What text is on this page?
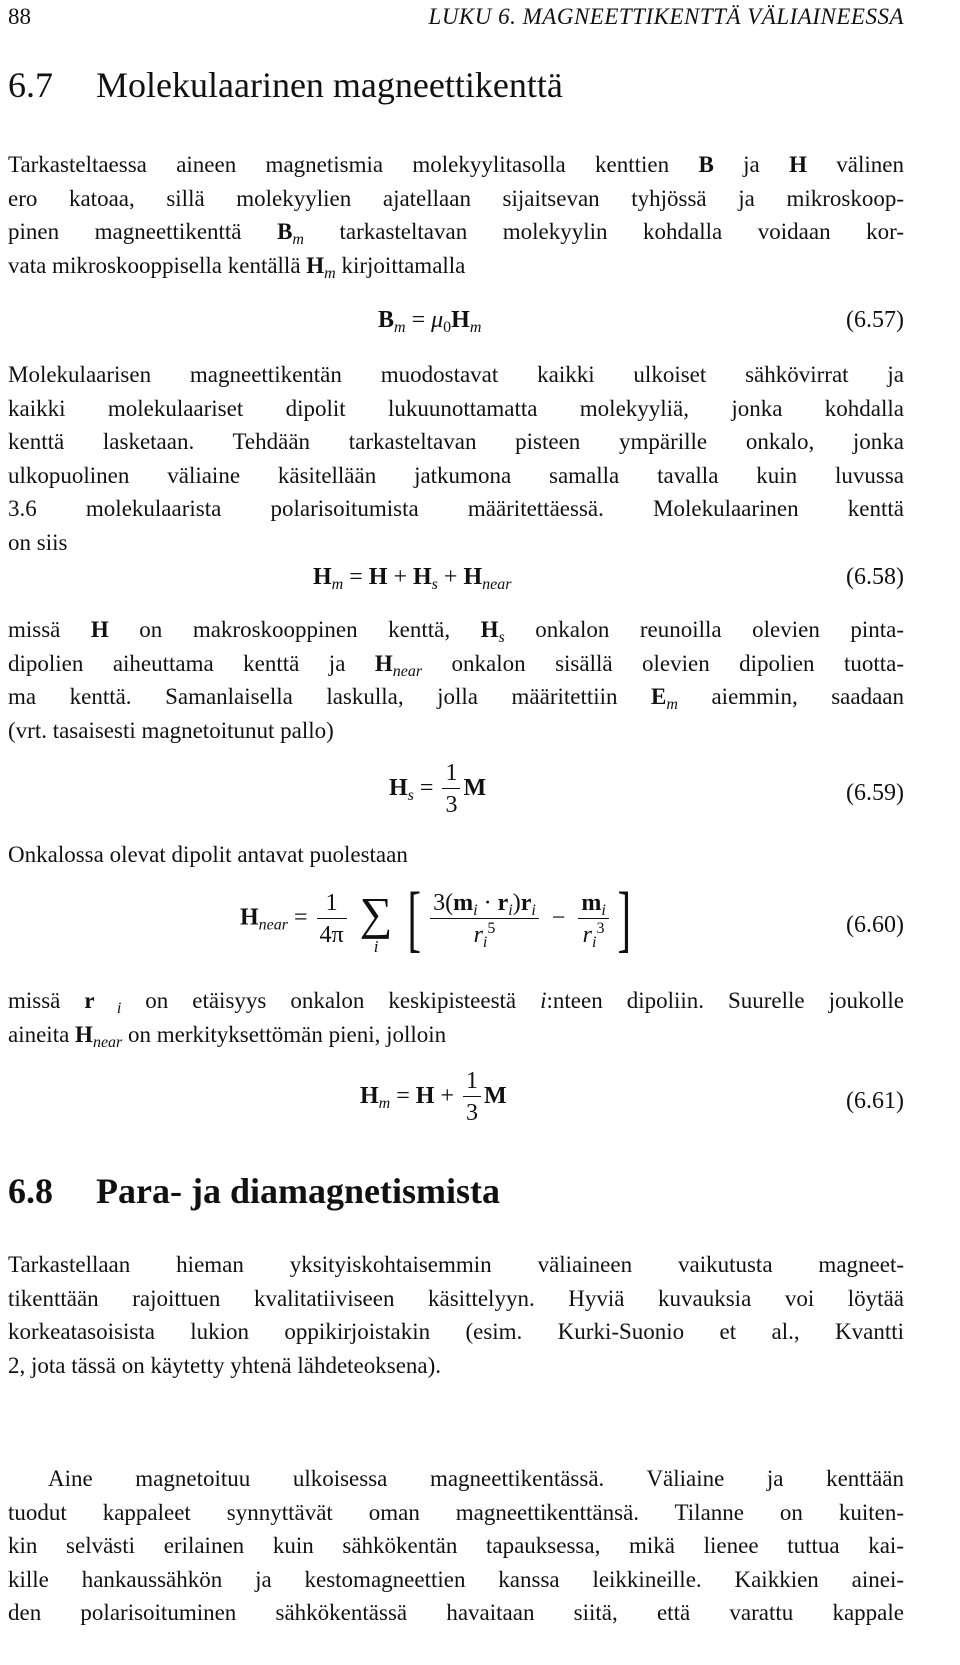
88	LUKU 6. MAGNEETTIKENTTÄ VÄLIAINEESSA
6.7 Molekulaarinen magneettikenttä
Tarkasteltaessa aineen magnetismia molekyylitasolla kenttien B ja H välinen
ero katoaa, sillä molekyylien ajatellaan sijaitsevan tyhjössä ja mikroskoop-
pinen magneettikenttä $B_m$ tarkasteltavan molekyylin kohdalla voidaan kor-
vata mikroskooppisella kentällä $H_m$ kirjoittamalla
$B_m = \mu_0H_m$	(6.57)
Molekulaarisen magneettikentän muodostavat kaikki ulkoiset sähkövirrat ja
kaikki molekulaariset dipolit lukuunottamatta molekyyliä, jonka kohdalla
kenttä lasketaan. Tehdään tarkasteltavan pisteen ympärille onkalo, jonka
ulkopuolinen väliaine käsitellään jatkumona samalla tavalla kuin luvussa
3.6 molekulaarista polarisoitumista määritettäessä. Molekulaarinen kenttä
on siis
$H_m = H + H_s + H_{near}$	(6.58)
missä H on makroskooppinen kenttä, $H_s$ onkalon reunoilla olevien pinta-
dipolien aiheuttama kenttä ja $H_{near}$ onkalon sisällä olevien dipolien tuotta-
ma kenttä. Samanlaisella laskulla, jolla määritettiin $E_m$ aiemmin, saadaan
(vrt. tasaisesti magnetoitunut pallo)
$H_s = \frac{1}{3}$ M	(6.59)
Onkalossa olevat dipolit antavat puolestaan
$H_{near} = \frac{1}{4\pi}$ ∑
i [ $\frac{3(m_i \cdot r_i)r_i}{r_i^5} - \frac{m_i}{r_i^3}$ ]	(6.60)
missä r $_i$ on etäisyys onkalon keskipisteestä i:nteen dipoliin. Suurelle joukolle
aineita $H_{near}$ on merkityksettömän pieni, jolloin
$H_m = H + \frac{1}{3}$ M	(6.61)
6.8 Para- ja diamagnetismista
Tarkastellaan hieman yksityiskohtaisemmin väliaineen vaikutusta magneet-
tikenttään rajoittuen kvalitatiiviseen käsittelyyn. Hyviä kuvauksia voi löytää
korkeatasoisista lukion oppikirjoistakin (esim. Kurki-Suonio et al., Kvantti
2, jota tässä on käytetty yhtenä lähdeteoksena).
Aine magnetoituu ulkoisessa magneettikentässä. Väliaine ja kenttään
tuodut kappaleet synnyttävät oman magneettikenttänsä. Tilanne on kuiten-
kin selvästi erilainen kuin sähkökentän tapauksessa, mikä lienee tuttua kai-
kille hankaussähkön ja kestomagneettien kanssa leikkineille. Kaikkien ainei-
den polarisoituminen sähkökentässä havaitaan siitä, että varattu kappale
